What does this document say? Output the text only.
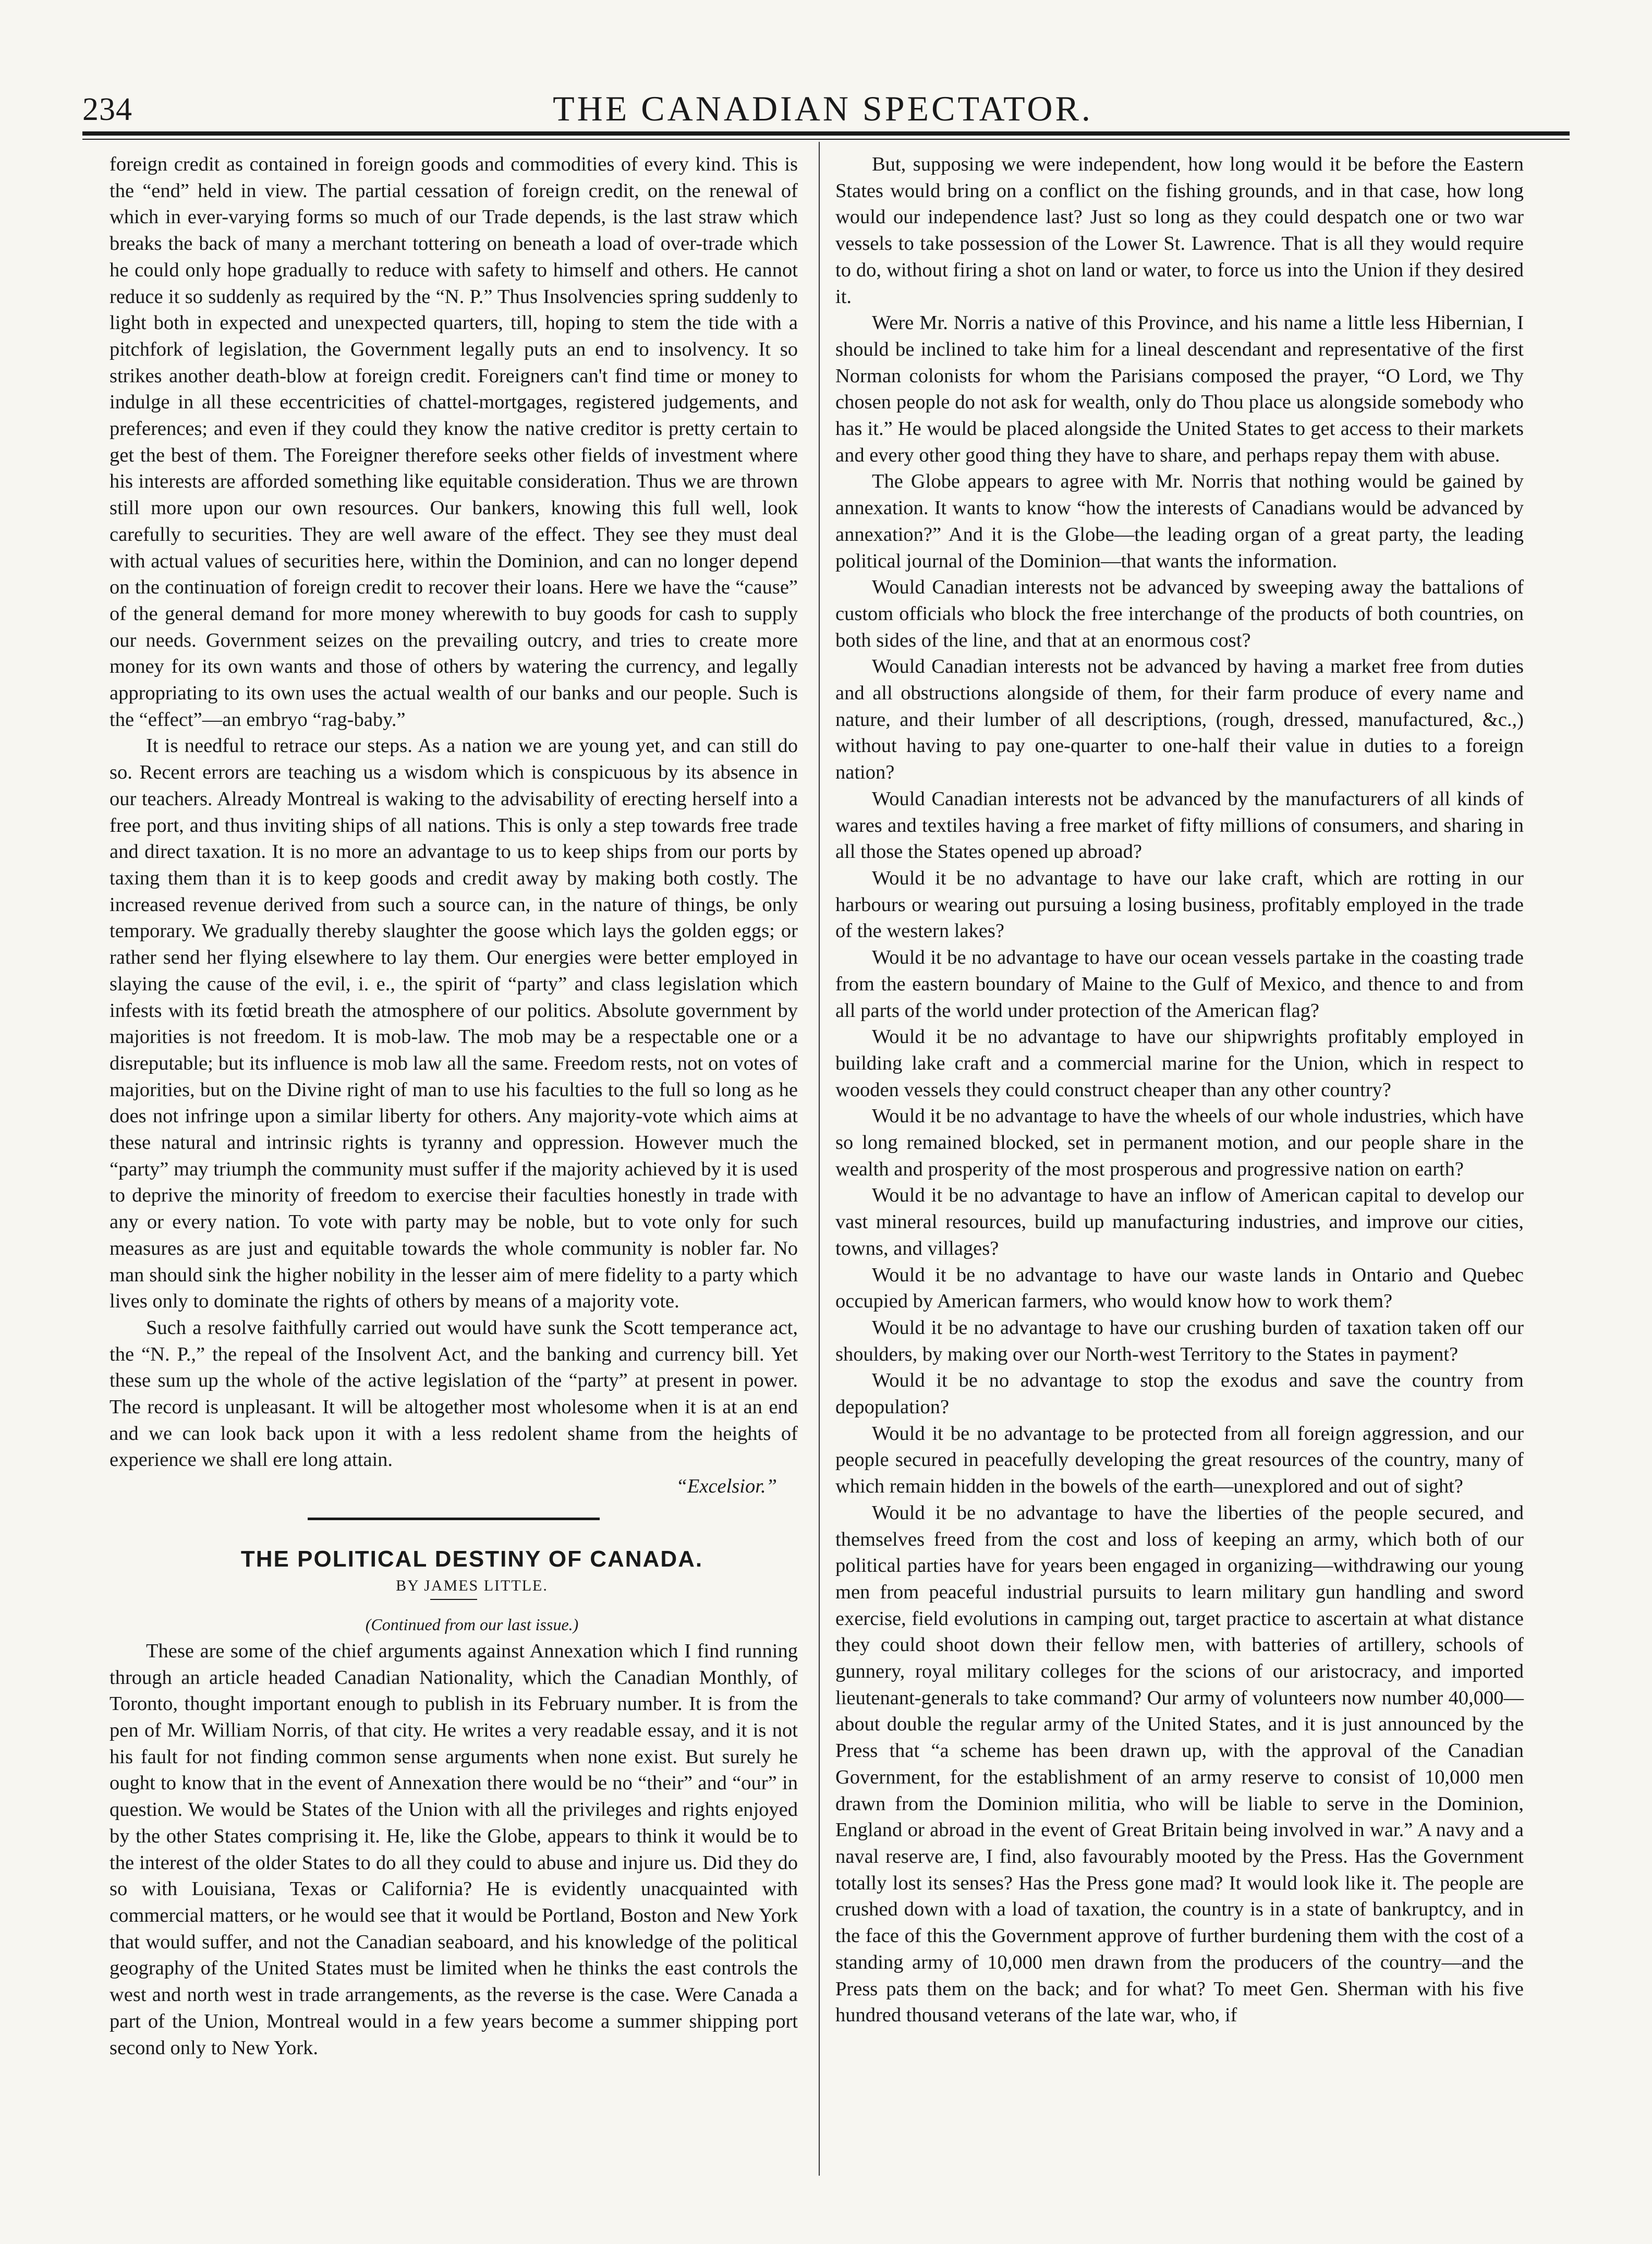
234	THE CANADIAN SPECTATOR.

foreign credit as contained in foreign goods and commodities of every kind. This is the “end” held in view. The partial cessation of foreign credit, on the renewal of which in ever-varying forms so much of our Trade depends, is the last straw which breaks the back of many a merchant tottering on beneath a load of over-trade which he could only hope gradually to reduce with safety to himself and others. He cannot reduce it so suddenly as required by the “N. P.” Thus Insolvencies spring suddenly to light both in expected and unexpected quarters, till, hoping to stem the tide with a pitchfork of legislation, the Government legally puts an end to insolvency. It so strikes another death-blow at foreign credit. Foreigners can't find time or money to indulge in all these eccentricities of chattel-mortgages, registered judgements, and preferences; and even if they could they know the native creditor is pretty certain to get the best of them. The Foreigner therefore seeks other fields of investment where his interests are afforded something like equitable consideration. Thus we are thrown still more upon our own resources. Our bankers, knowing this full well, look carefully to securities. They are well aware of the effect. They see they must deal with actual values of securities here, within the Dominion, and can no longer depend on the continuation of foreign credit to recover their loans. Here we have the “cause” of the general demand for more money wherewith to buy goods for cash to supply our needs. Government seizes on the prevailing outcry, and tries to create more money for its own wants and those of others by watering the currency, and legally appropriating to its own uses the actual wealth of our banks and our people. Such is the “effect”—an embryo “rag-baby.”

It is needful to retrace our steps. As a nation we are young yet, and can still do so. Recent errors are teaching us a wisdom which is conspicuous by its absence in our teachers. Already Montreal is waking to the advisability of erecting herself into a free port, and thus inviting ships of all nations. This is only a step towards free trade and direct taxation. It is no more an advantage to us to keep ships from our ports by taxing them than it is to keep goods and credit away by making both costly. The increased revenue derived from such a source can, in the nature of things, be only temporary. We gradually thereby slaughter the goose which lays the golden eggs; or rather send her flying elsewhere to lay them. Our energies were better employed in slaying the cause of the evil, i. e., the spirit of “party” and class legislation which infests with its fœtid breath the atmosphere of our politics. Absolute government by majorities is not freedom. It is mob-law. The mob may be a respectable one or a disreputable; but its influence is mob law all the same. Freedom rests, not on votes of majorities, but on the Divine right of man to use his faculties to the full so long as he does not infringe upon a similar liberty for others. Any majority-vote which aims at these natural and intrinsic rights is tyranny and oppression. However much the “party” may triumph the community must suffer if the majority achieved by it is used to deprive the minority of freedom to exercise their faculties honestly in trade with any or every nation. To vote with party may be noble, but to vote only for such measures as are just and equitable towards the whole community is nobler far. No man should sink the higher nobility in the lesser aim of mere fidelity to a party which lives only to dominate the rights of others by means of a majority vote.

Such a resolve faithfully carried out would have sunk the Scott temperance act, the “N. P.,” the repeal of the Insolvent Act, and the banking and currency bill. Yet these sum up the whole of the active legislation of the “party” at present in power. The record is unpleasant. It will be altogether most wholesome when it is at an end and we can look back upon it with a less redolent shame from the heights of experience we shall ere long attain.

“Excelsior.”

THE POLITICAL DESTINY OF CANADA.

BY JAMES LITTLE.

(Continued from our last issue.)

These are some of the chief arguments against Annexation which I find running through an article headed Canadian Nationality, which the Canadian Monthly, of Toronto, thought important enough to publish in its February number. It is from the pen of Mr. William Norris, of that city. He writes a very readable essay, and it is not his fault for not finding common sense arguments when none exist. But surely he ought to know that in the event of Annexation there would be no “their” and “our” in question. We would be States of the Union with all the privileges and rights enjoyed by the other States comprising it. He, like the Globe, appears to think it would be to the interest of the older States to do all they could to abuse and injure us. Did they do so with Louisiana, Texas or California? He is evidently unacquainted with commercial matters, or he would see that it would be Portland, Boston and New York that would suffer, and not the Canadian seaboard, and his knowledge of the political geography of the United States must be limited when he thinks the east controls the west and north west in trade arrangements, as the reverse is the case. Were Canada a part of the Union, Montreal would in a few years become a summer shipping port second only to New York.

But, supposing we were independent, how long would it be before the Eastern States would bring on a conflict on the fishing grounds, and in that case, how long would our independence last? Just so long as they could despatch one or two war vessels to take possession of the Lower St. Lawrence. That is all they would require to do, without firing a shot on land or water, to force us into the Union if they desired it.

Were Mr. Norris a native of this Province, and his name a little less Hibernian, I should be inclined to take him for a lineal descendant and representative of the first Norman colonists for whom the Parisians composed the prayer, “O Lord, we Thy chosen people do not ask for wealth, only do Thou place us alongside somebody who has it.” He would be placed alongside the United States to get access to their markets and every other good thing they have to share, and perhaps repay them with abuse.

The Globe appears to agree with Mr. Norris that nothing would be gained by annexation. It wants to know “how the interests of Canadians would be advanced by annexation?” And it is the Globe—the leading organ of a great party, the leading political journal of the Dominion—that wants the information.

Would Canadian interests not be advanced by sweeping away the battalions of custom officials who block the free interchange of the products of both countries, on both sides of the line, and that at an enormous cost?

Would Canadian interests not be advanced by having a market free from duties and all obstructions alongside of them, for their farm produce of every name and nature, and their lumber of all descriptions, (rough, dressed, manufactured, &c.,) without having to pay one-quarter to one-half their value in duties to a foreign nation?

Would Canadian interests not be advanced by the manufacturers of all kinds of wares and textiles having a free market of fifty millions of consumers, and sharing in all those the States opened up abroad?

Would it be no advantage to have our lake craft, which are rotting in our harbours or wearing out pursuing a losing business, profitably employed in the trade of the western lakes?

Would it be no advantage to have our ocean vessels partake in the coasting trade from the eastern boundary of Maine to the Gulf of Mexico, and thence to and from all parts of the world under protection of the American flag?

Would it be no advantage to have our shipwrights profitably employed in building lake craft and a commercial marine for the Union, which in respect to wooden vessels they could construct cheaper than any other country?

Would it be no advantage to have the wheels of our whole industries, which have so long remained blocked, set in permanent motion, and our people share in the wealth and prosperity of the most prosperous and progressive nation on earth?

Would it be no advantage to have an inflow of American capital to develop our vast mineral resources, build up manufacturing industries, and improve our cities, towns, and villages?

Would it be no advantage to have our waste lands in Ontario and Quebec occupied by American farmers, who would know how to work them?

Would it be no advantage to have our crushing burden of taxation taken off our shoulders, by making over our North-west Territory to the States in payment?

Would it be no advantage to stop the exodus and save the country from depopulation?

Would it be no advantage to be protected from all foreign aggression, and our people secured in peacefully developing the great resources of the country, many of which remain hidden in the bowels of the earth—unexplored and out of sight?

Would it be no advantage to have the liberties of the people secured, and themselves freed from the cost and loss of keeping an army, which both of our political parties have for years been engaged in organizing—withdrawing our young men from peaceful industrial pursuits to learn military gun handling and sword exercise, field evolutions in camping out, target practice to ascertain at what distance they could shoot down their fellow men, with batteries of artillery, schools of gunnery, royal military colleges for the scions of our aristocracy, and imported lieutenant-generals to take command? Our army of volunteers now number 40,000—about double the regular army of the United States, and it is just announced by the Press that “a scheme has been drawn up, with the approval of the Canadian Government, for the establishment of an army reserve to consist of 10,000 men drawn from the Dominion militia, who will be liable to serve in the Dominion, England or abroad in the event of Great Britain being involved in war.” A navy and a naval reserve are, I find, also favourably mooted by the Press. Has the Government totally lost its senses? Has the Press gone mad? It would look like it. The people are crushed down with a load of taxation, the country is in a state of bankruptcy, and in the face of this the Government approve of further burdening them with the cost of a standing army of 10,000 men drawn from the producers of the country—and the Press pats them on the back; and for what? To meet Gen. Sherman with his five hundred thousand veterans of the late war, who, if
